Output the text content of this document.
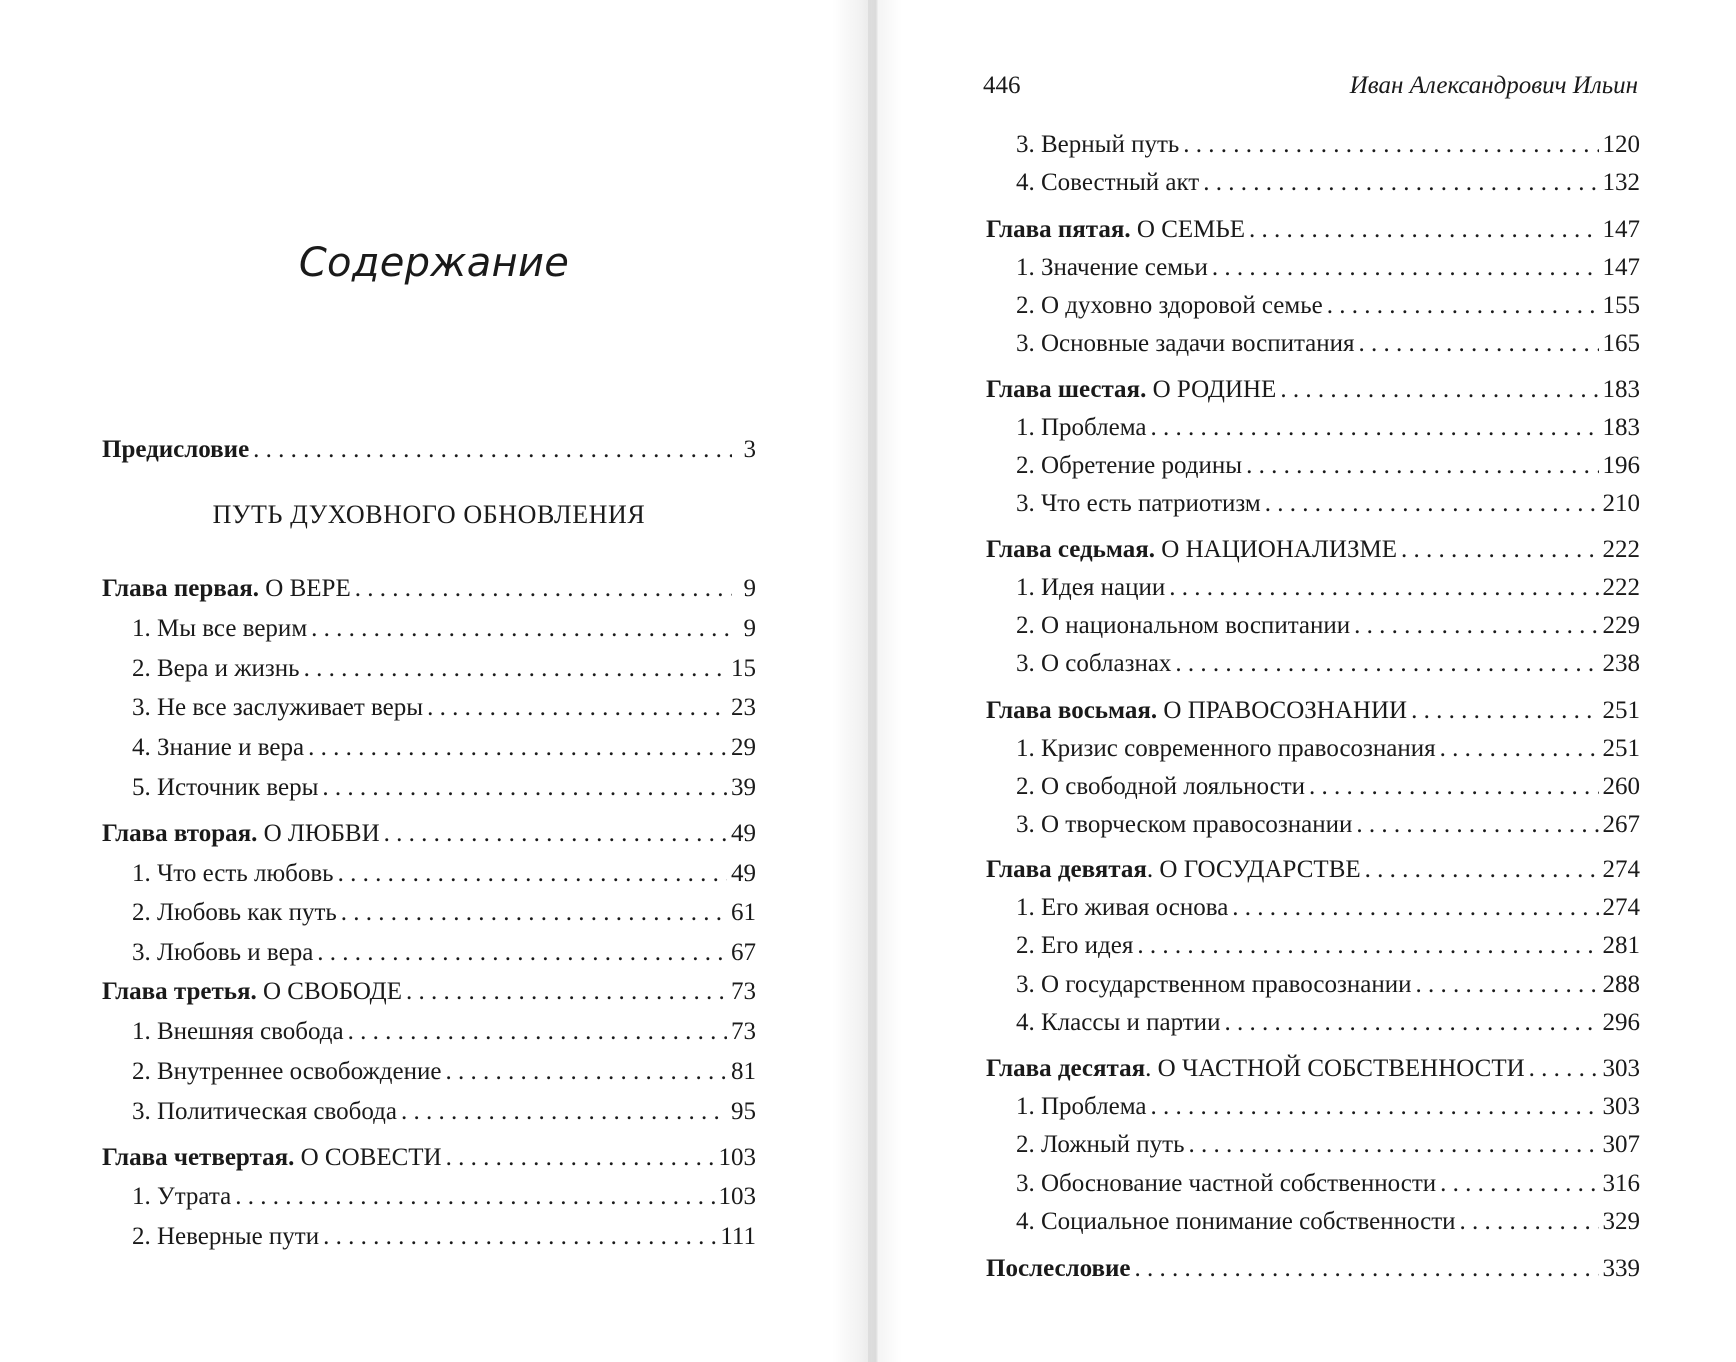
Содержание
Предисловие . . .	3
ПУТЬ ДУХОВНОГО ОБНОВЛЕНИЯ
Глава первая. О ВЕРЕ . . .	9
1. Мы все верим . . .	9
2. Вера и жизнь . . .	15
3. Не все заслуживает веры . . .	23
4. Знание и вера . . .	29
5. Источник веры . . .	39
Глава вторая. О ЛЮБВИ . . .	49
1. Что есть любовь . . .	49
2. Любовь как путь . . .	61
3. Любовь и вера . . .	67
Глава третья. О СВОБОДЕ . . .	73
1. Внешняя свобода . . .	73
2. Внутреннее освобождение . . .	81
3. Политическая свобода . . .	95
Глава четвертая. О СОВЕСТИ . . .	103
1. Утрата . . .	103
2. Неверные пути . . .	111
446	Иван Александрович Ильин
3. Верный путь . . .	120
4. Совестный акт . . .	132
Глава пятая. О СЕМЬЕ . . .	147
1. Значение семьи . . .	147
2. О духовно здоровой семье . . .	155
3. Основные задачи воспитания . . .	165
Глава шестая. О РОДИНЕ . . .	183
1. Проблема . . .	183
2. Обретение родины . . .	196
3. Что есть патриотизм . . .	210
Глава седьмая. О НАЦИОНАЛИЗМЕ . . .	222
1. Идея нации . . .	222
2. О национальном воспитании . . .	229
3. О соблазнах . . .	238
Глава восьмая. О ПРАВОСОЗНАНИИ . . .	251
1. Кризис современного правосознания . . .	251
2. О свободной лояльности . . .	260
3. О творческом правосознании . . .	267
Глава девятая. О ГОСУДАРСТВЕ . . .	274
1. Его живая основа . . .	274
2. Его идея . . .	281
3. О государственном правосознании . . .	288
4. Классы и партии . . .	296
Глава десятая. О ЧАСТНОЙ СОБСТВЕННОСТИ . . .	303
1. Проблема . . .	303
2. Ложный путь . . .	307
3. Обоснование частной собственности . . .	316
4. Социальное понимание собственности . . .	329
Послесловие . . .	339
